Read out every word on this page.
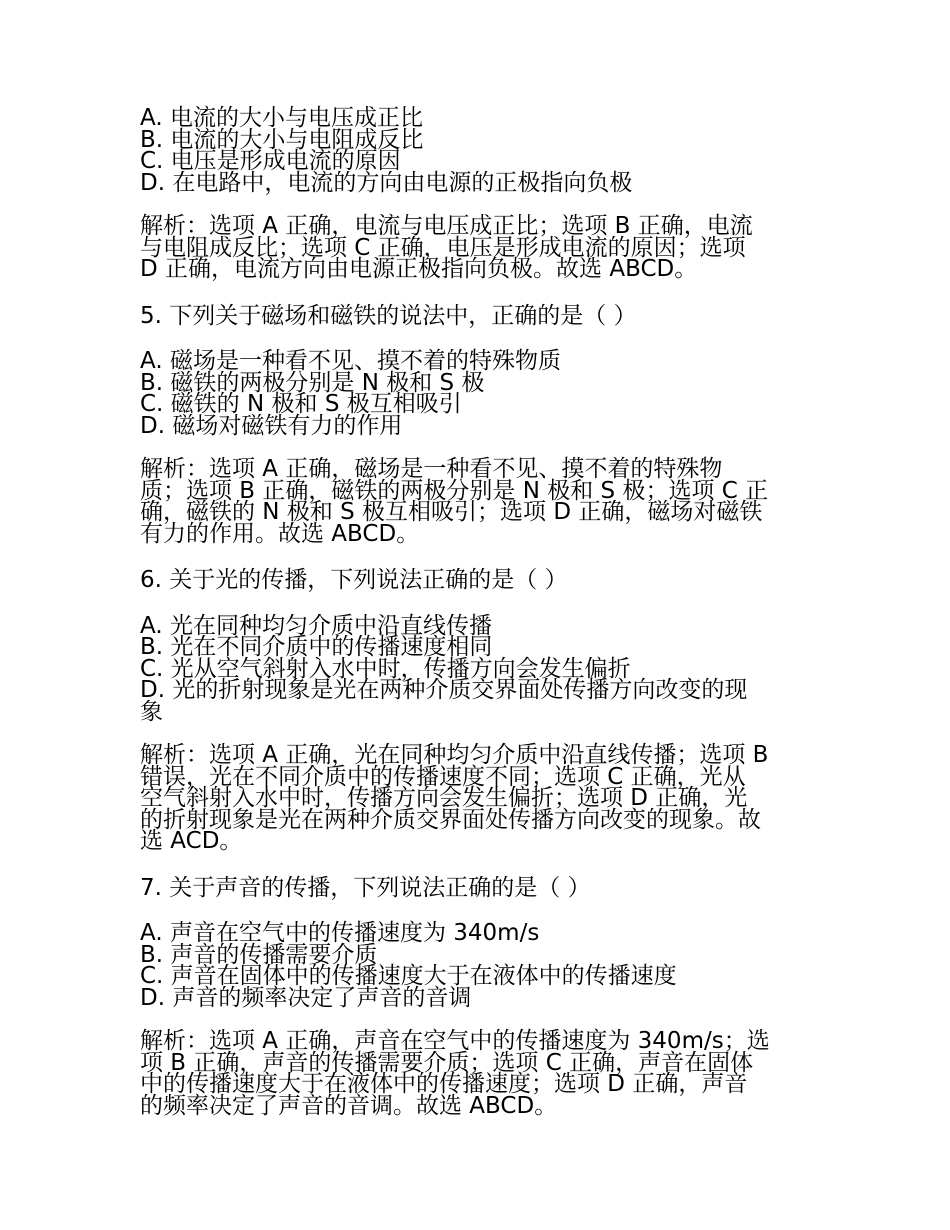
A. 电流的大小与电压成正比
B. 电流的大小与电阻成反比
C. 电压是形成电流的原因
D. 在电路中，电流的方向由电源的正极指向负极
解析：选项 A 正确，电流与电压成正比；选项 B 正确，电流
与电阻成反比；选项 C 正确，电压是形成电流的原因；选项
D 正确，电流方向由电源正极指向负极。故选 ABCD。
5. 下列关于磁场和磁铁的说法中，正确的是（ ）
A. 磁场是一种看不见、摸不着的特殊物质
B. 磁铁的两极分别是 N 极和 S 极
C. 磁铁的 N 极和 S 极互相吸引
D. 磁场对磁铁有力的作用
解析：选项 A 正确，磁场是一种看不见、摸不着的特殊物
质；选项 B 正确，磁铁的两极分别是 N 极和 S 极；选项 C 正
确，磁铁的 N 极和 S 极互相吸引；选项 D 正确，磁场对磁铁
有力的作用。故选 ABCD。
6. 关于光的传播，下列说法正确的是（ ）
A. 光在同种均匀介质中沿直线传播
B. 光在不同介质中的传播速度相同
C. 光从空气斜射入水中时，传播方向会发生偏折
D. 光的折射现象是光在两种介质交界面处传播方向改变的现
象
解析：选项 A 正确，光在同种均匀介质中沿直线传播；选项 B
错误，光在不同介质中的传播速度不同；选项 C 正确，光从
空气斜射入水中时，传播方向会发生偏折；选项 D 正确，光
的折射现象是光在两种介质交界面处传播方向改变的现象。故
选 ACD。
7. 关于声音的传播，下列说法正确的是（ ）
A. 声音在空气中的传播速度为 340m/s
B. 声音的传播需要介质
C. 声音在固体中的传播速度大于在液体中的传播速度
D. 声音的频率决定了声音的音调
解析：选项 A 正确，声音在空气中的传播速度为 340m/s；选
项 B 正确，声音的传播需要介质；选项 C 正确，声音在固体
中的传播速度大于在液体中的传播速度；选项 D 正确，声音
的频率决定了声音的音调。故选 ABCD。
